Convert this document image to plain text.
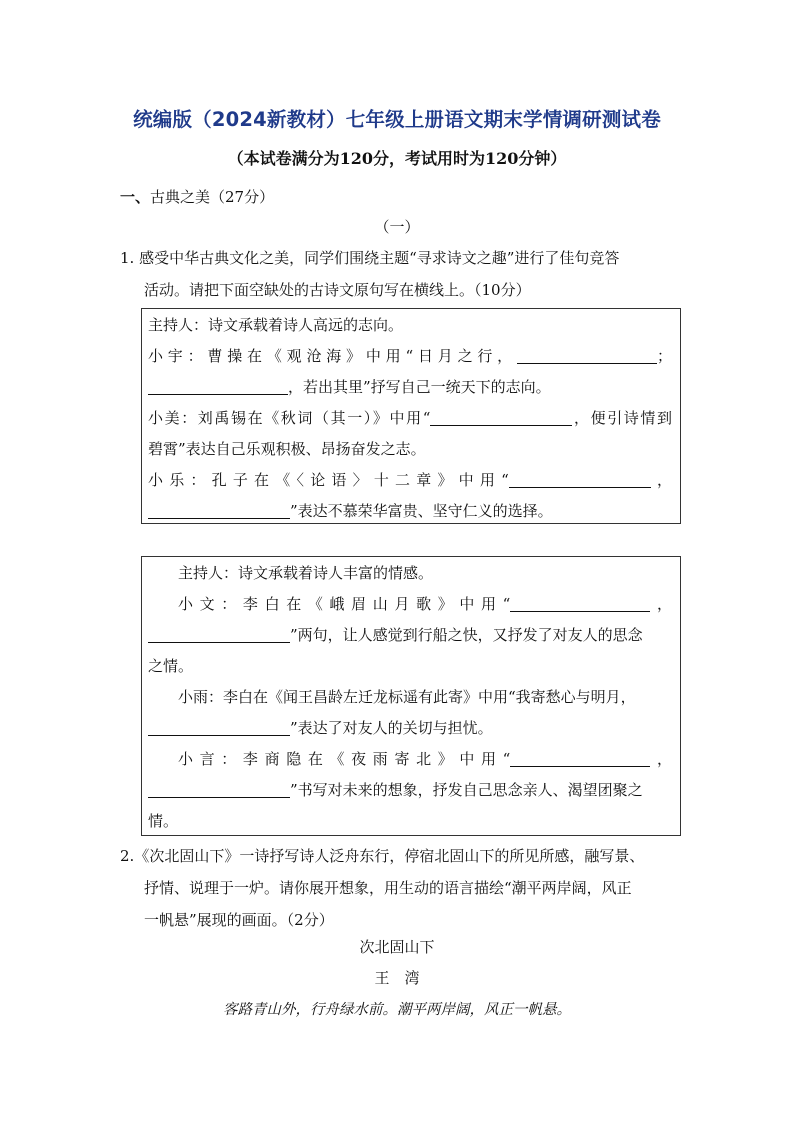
统编版（2024新教材）七年级上册语文期末学情调研测试卷
（本试卷满分为120分，考试用时为120分钟）
一、古典之美（27分）
（一）
1. 感受中华古典文化之美，同学们围绕主题“寻求诗文之趣”进行了佳句竞答
活动。请把下面空缺处的古诗文原句写在横线上。（10分）

主持人：诗文承载着诗人高远的志向。

小宇：曹操在《观沧海》中用“日月之行，	；

，若出其里”抒写自己一统天下的志向。

小美：刘禹锡在《秋词（其一）》中用“	，便引诗情到

碧霄”表达自己乐观积极、昂扬奋发之志。

小乐：孔子在《〈论语〉十二章》中用“	，

”表达不慕荣华富贵、坚守仁义的选择。

主持人：诗文承载着诗人丰富的情感。

小文：李白在《峨眉山月歌》中用“	，

”两句，让人感觉到行船之快，又抒发了对友人的思念

之情。

小雨：李白在《闻王昌龄左迁龙标遥有此寄》中用“我寄愁心与明月，

”表达了对友人的关切与担忧。

小言：李商隐在《夜雨寄北》中用“	，

”书写对未来的想象，抒发自己思念亲人、渴望团聚之

情。

2.《次北固山下》一诗抒写诗人泛舟东行，停宿北固山下的所见所感，融写景、
抒情、说理于一炉。请你展开想象，用生动的语言描绘“潮平两岸阔，风正
一帆悬”展现的画面。（2分）
次北固山下
王　湾
客路青山外，行舟绿水前。潮平两岸阔，风正一帆悬。
